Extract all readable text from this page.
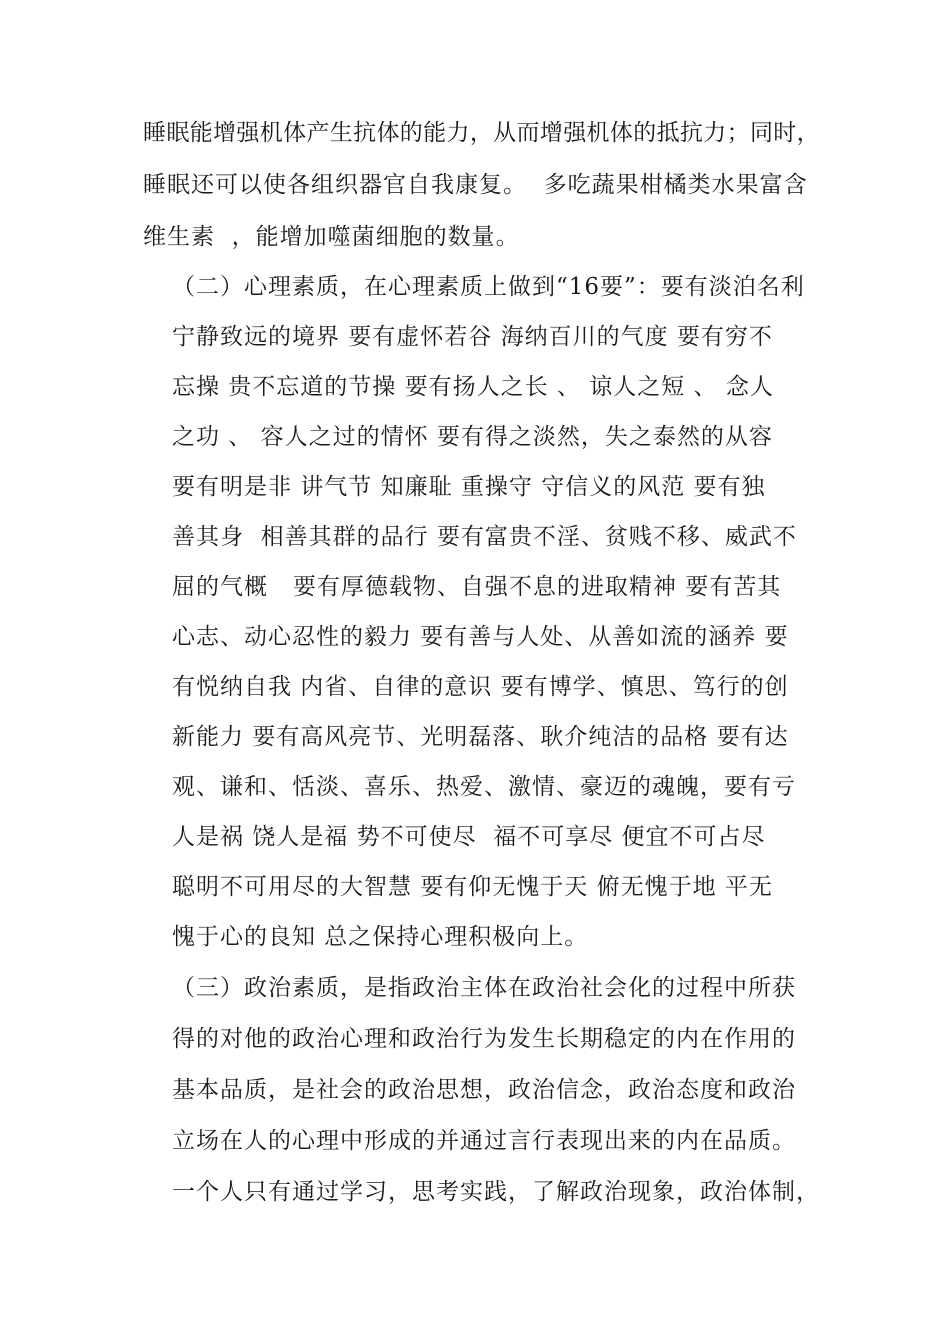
睡眠能增强机体产生抗体的能力，从而增强机体的抵抗力；同时，
睡眠还可以使各组织器官自我康复。  多吃蔬果柑橘类水果富含
维生素  ，能增加噬菌细胞的数量。
（二）心理素质，在心理素质上做到“16要”：要有淡泊名利
宁静致远的境界 要有虚怀若谷 海纳百川的气度 要有穷不
忘操 贵不忘道的节操 要有扬人之长 、 谅人之短 、 念人
之功 、 容人之过的情怀 要有得之淡然，失之泰然的从容
要有明是非 讲气节 知廉耻 重操守 守信义的风范 要有独
善其身  相善其群的品行 要有富贵不淫、贫贱不移、威武不
屈的气概   要有厚德载物、自强不息的进取精神 要有苦其
心志、动心忍性的毅力 要有善与人处、从善如流的涵养 要
有悦纳自我 内省、自律的意识 要有博学、慎思、笃行的创
新能力 要有高风亮节、光明磊落、耿介纯洁的品格 要有达
观、谦和、恬淡、喜乐、热爱、激情、豪迈的魂魄，要有亏
人是祸 饶人是福 势不可使尽  福不可享尽 便宜不可占尽
聪明不可用尽的大智慧 要有仰无愧于天 俯无愧于地 平无
愧于心的良知 总之保持心理积极向上。
（三）政治素质，是指政治主体在政治社会化的过程中所获
得的对他的政治心理和政治行为发生长期稳定的内在作用的
基本品质，是社会的政治思想，政治信念，政治态度和政治
立场在人的心理中形成的并通过言行表现出来的内在品质。
一个人只有通过学习，思考实践，了解政治现象，政治体制，
